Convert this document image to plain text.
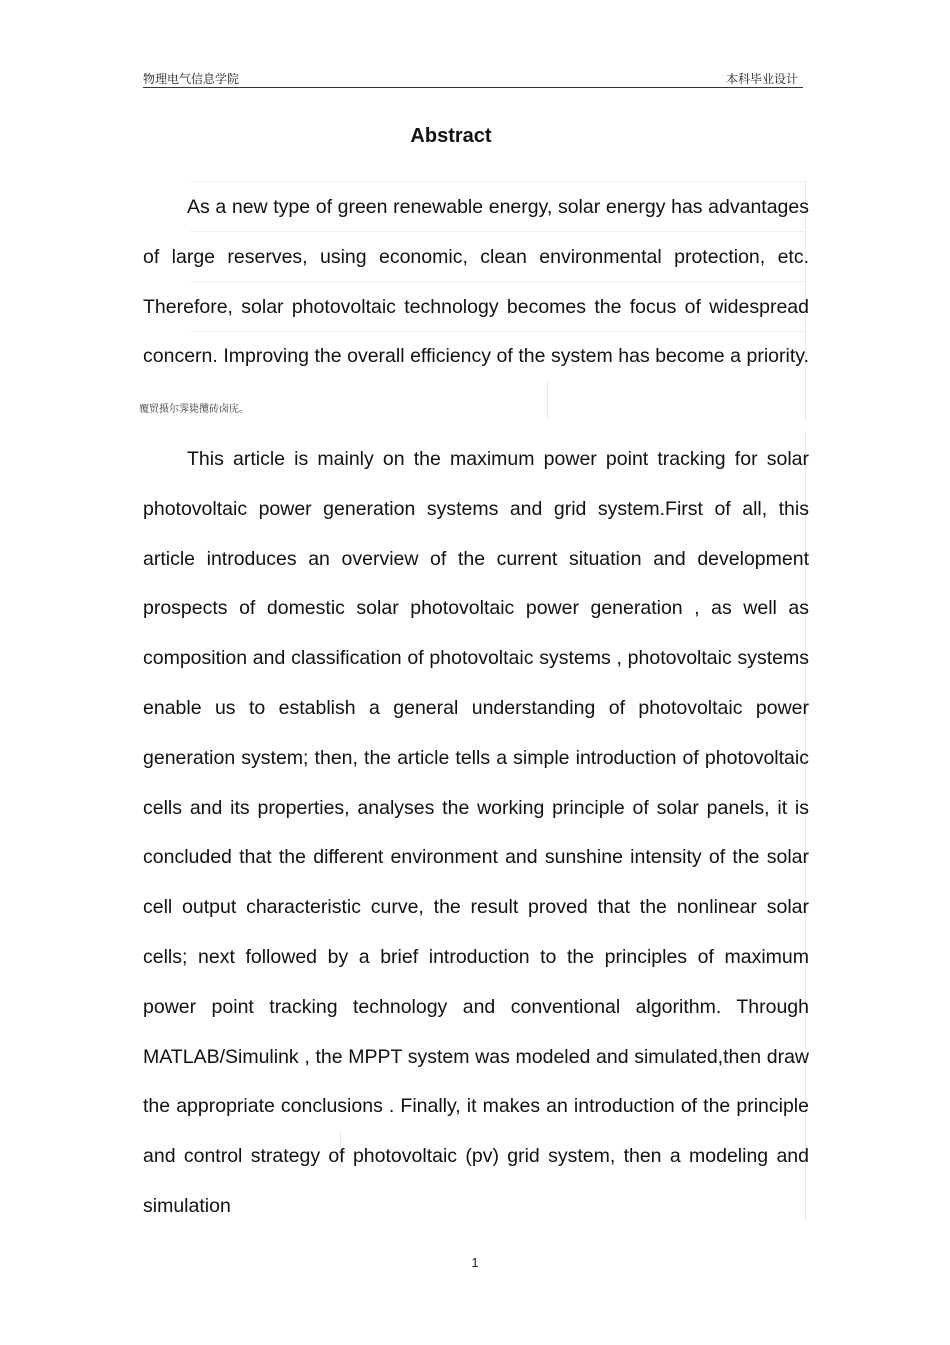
物理电气信息学院	本科毕业设计
Abstract

As a new type of green renewable energy, solar energy has advantages of large reserves, using economic, clean environmental protection, etc. Therefore, solar photovoltaic technology becomes the focus of widespread concern. Improving the overall efficiency of the system has become a priority.覆贸摄尔霁毙攬砖卤庑。

This article is mainly on the maximum power point tracking for solar photovoltaic power generation systems and grid system.First of all, this article introduces an overview of the current situation and development prospects of domestic solar photovoltaic power generation , as well as composition and classification of photovoltaic systems , photovoltaic systems enable us to establish a general understanding of photovoltaic power generation system; then, the article tells a simple introduction of photovoltaic cells and its properties, analyses the working principle of solar panels, it is concluded that the different environment and sunshine intensity of the solar cell output characteristic curve, the result proved that the nonlinear solar cells; next followed by a brief introduction to the principles of maximum power point tracking technology and conventional algorithm. Through MATLAB/Simulink , the MPPT system was modeled and simulated,then draw the appropriate conclusions . Finally, it makes an introduction of the principle and control strategy of photovoltaic (pv) grid system, then a modeling and simulation

1
